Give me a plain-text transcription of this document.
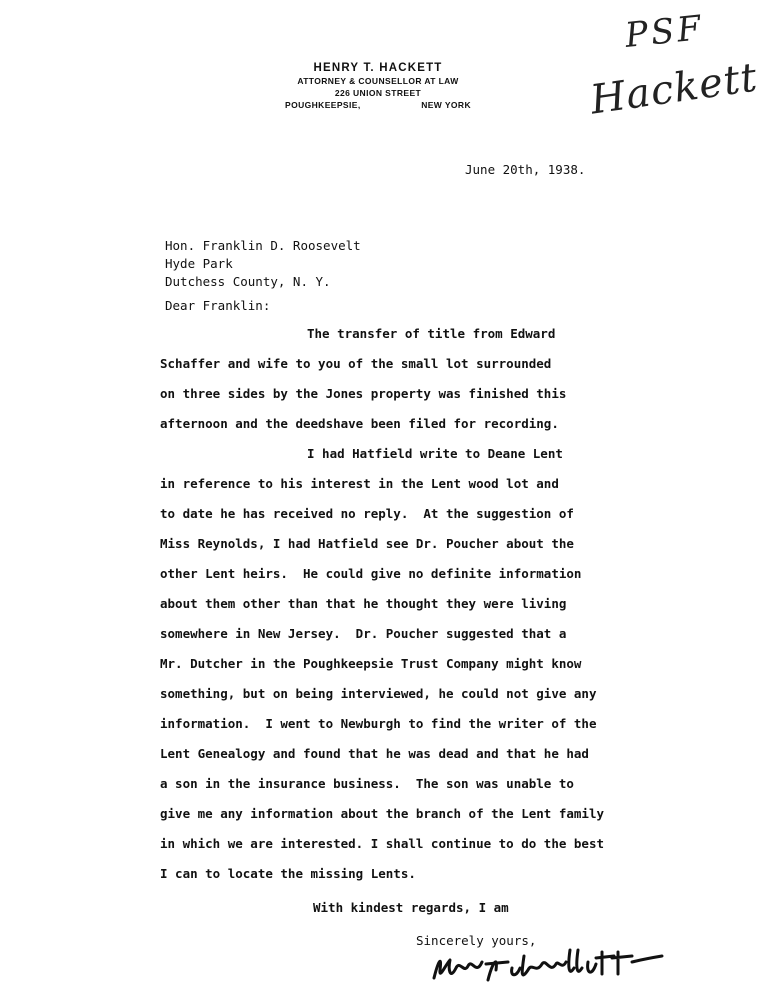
HENRY T. HACKETT
ATTORNEY & COUNSELLOR AT LAW
226 UNION STREET
POUGHKEEPSIE,	NEW YORK
PSF
Hackett
June 20th, 1938.
Hon. Franklin D. Roosevelt
Hyde Park
Dutchess County, N. Y.
Dear Franklin:
The transfer of title from Edward
Schaffer and wife to you of the small lot surrounded
on three sides by the Jones property was finished this
afternoon and the deedshave been filed for recording.
I had Hatfield write to Deane Lent
in reference to his interest in the Lent wood lot and
to date he has received no reply.  At the suggestion of
Miss Reynolds, I had Hatfield see Dr. Poucher about the
other Lent heirs.  He could give no definite information
about them other than that he thought they were living
somewhere in New Jersey.  Dr. Poucher suggested that a
Mr. Dutcher in the Poughkeepsie Trust Company might know
something, but on being interviewed, he could not give any
information.  I went to Newburgh to find the writer of the
Lent Genealogy and found that he was dead and that he had
a son in the insurance business.  The son was unable to
give me any information about the branch of the Lent family
in which we are interested. I shall continue to do the best
I can to locate the missing Lents.
With kindest regards, I am
Sincerely yours,
